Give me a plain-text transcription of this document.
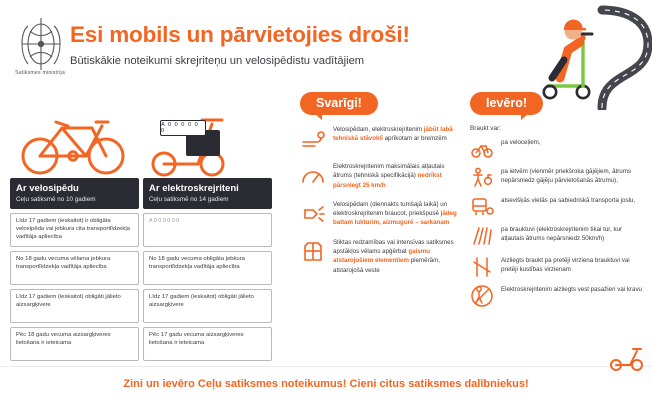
Satiksmes ministrija
Esi mobils un pārvietojies droši!
Būtiskākie noteikumi skrejriteņu un velosipēdistu vadītājiem
Ar velosipēdu
Ceļu satiksmē no 10 gadiem
Ar elektroskrejriteni
Ceļu satiksmē no 14 gadiem
Līdz 17 gadiem (ieskaitot) ir obligāta velosipēda vai jebkura cita transportlīdzekļa vadītāja apliecība
A 0 0 0 0 0 0
No 18 gadu vecuma vēlama jebkura transportlīdzekļa vadītāja apliecība
No 18 gadu vecuma obligāta jebkura transportlīdzekļa vadītāja apliecība
Līdz 17 gadiem (ieskaitot) obligāti jālieto aizsargķivere
Līdz 17 gadiem (ieskaitot) obligāti jālieto aizsargķivere
Pēc 18 gadu vecuma aizsargķiveres lietošana ir ieteicama
Pēc 17 gadu vecuma aizsargķiveres lietošana ir ieteicama
A 0 0 0 0 0 0
Svarīgi!
Velosipēdam, elektroskrejritenim jābūt labā tehniskā stāvoklī aprīkotam ar bremzēm
Elektroskrejritenim maksimālais atļautais ātrums (tehniskā specifikācijā) nedrīkst pārsniegt 25 km/h
Velosipēdam (diennakts tumšajā laikā) un elektroskrejritenim braucot, priekšpusē jādeg baltam lukturim, aizmugurē – sarkanam
Sliktas redzamības vai intensīvas satiksmes apstākļos vēlams apģērbat gaismu atstarojošiem elementiem piemērām, atstarojošā veste
Ievēro!
Braukt var:
pa veloceļiem,
pa ietvēm (vienmēr priekšroka gājējiem, ātrums nepārsniedz gājēju pārvietošanās ātrumu),
atsevišķās vietās pa sabiedriskā transporta joslu,
pa brauktuvi (elektroskrejritenim tikai tur, kur atļautais ātrums nepārsniedz 50km/h)
Aizliegts braukt pa pretēji virziena brauktuvi vai pretēji kustības virzienam
Elektroskrejritenim aizliegts vest pasažieri vai kravu
Zini un ievēro Ceļu satiksmes noteikumus! Cieni citus satiksmes dalībniekus!
